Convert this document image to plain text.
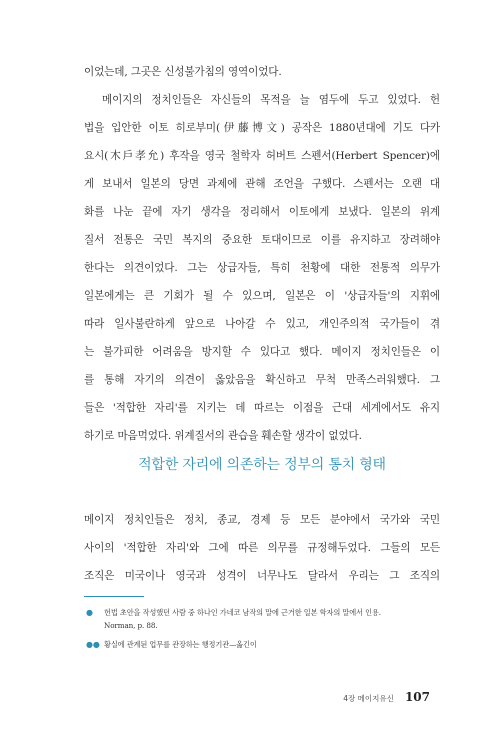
이었는데, 그곳은 신성불가침의 영역이었다.
메이지의 정치인들은 자신들의 목적을 늘 염두에 두고 있었다. 헌
법을 입안한 이토 히로부미(伊藤博文) 공작은 1880년대에 기도 다카
요시(木戶孝允) 후작을 영국 철학자 허버트 스펜서(Herbert Spencer)에
게 보내서 일본의 당면 과제에 관해 조언을 구했다. 스펜서는 오랜 대
화를 나눈 끝에 자기 생각을 정리해서 이토에게 보냈다. 일본의 위계
질서 전통은 국민 복지의 중요한 토대이므로 이를 유지하고 장려해야
한다는 의견이었다. 그는 상급자들, 특히 천황에 대한 전통적 의무가
일본에게는 큰 기회가 될 수 있으며, 일본은 이 '상급자들'의 지휘에
따라 일사불란하게 앞으로 나아갈 수 있고, 개인주의적 국가들이 겪
는 불가피한 어려움을 방지할 수 있다고 했다. 메이지 정치인들은 이
를 통해 자기의 의견이 옳았음을 확신하고 무척 만족스러워했다. 그
들은 '적합한 자리'를 지키는 데 따르는 이점을 근대 세계에서도 유지
하기로 마음먹었다. 위계질서의 관습을 훼손할 생각이 없었다.
적합한 자리에 의존하는 정부의 통치 형태
메이지 정치인들은 정치, 종교, 경제 등 모든 분야에서 국가와 국민
사이의 '적합한 자리'와 그에 따른 의무를 규정해두었다. 그들의 모든
조직은 미국이나 영국과 성격이 너무나도 달라서 우리는 그 조직의
● 헌법 초안을 작성했던 사람 중 하나인 가네코 남작의 말에 근거한 일본 학자의 말에서 인용.
Norman, p. 88.
●● 황실에 관계된 업무를 관장하는 행정기관—옮긴이
4장 메이지유신 107
